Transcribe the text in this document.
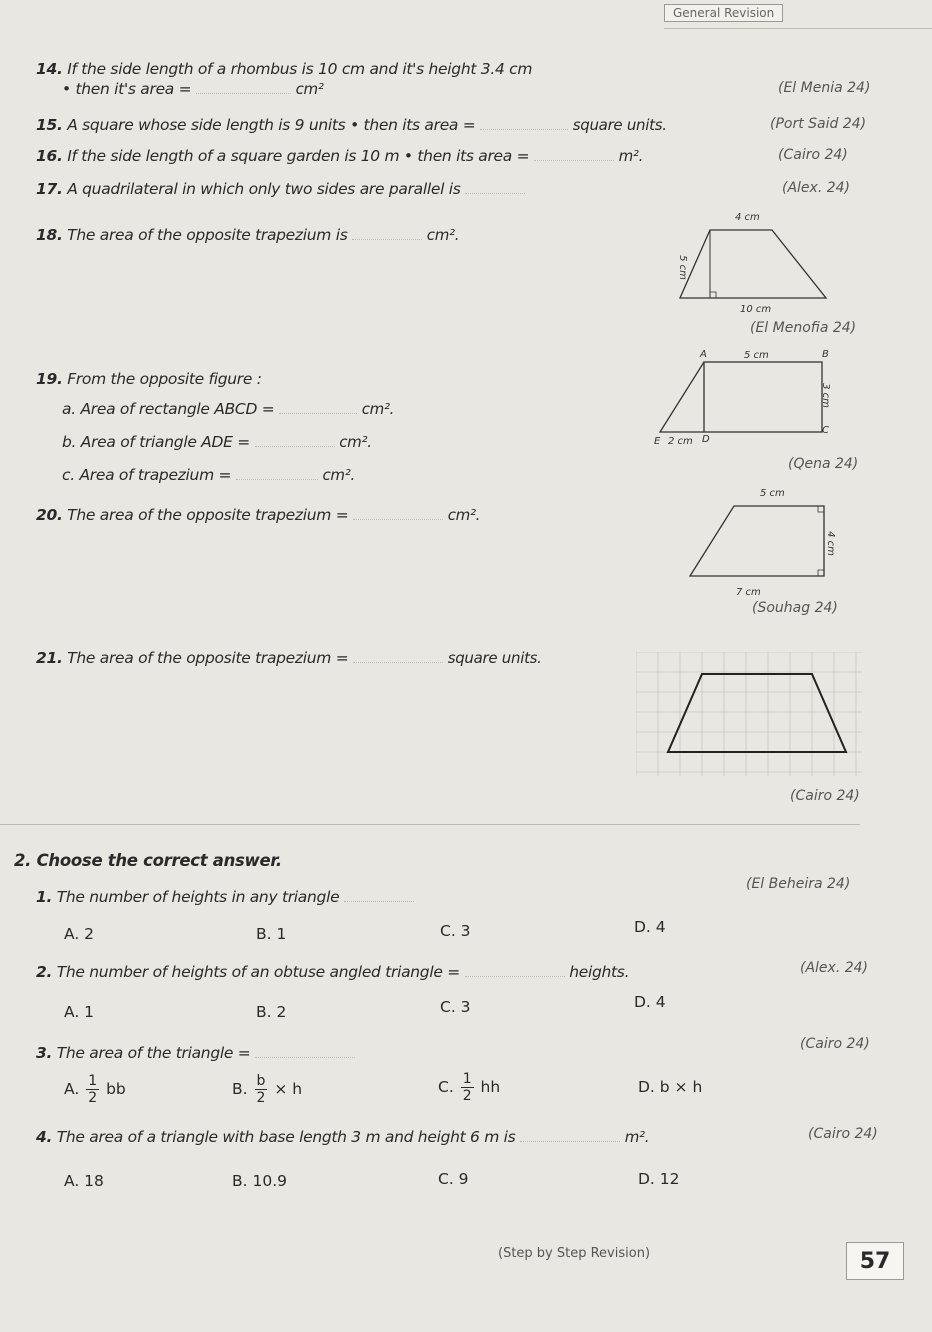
General Revision
14. If the side length of a rhombus is 10 cm and it's height 3.4 cm
• then it's area =	cm²	(El Menia 24)
15. A square whose side length is 9 units • then its area =	square units.	(Port Said 24)
16. If the side length of a square garden is 10 m • then its area =	m².	(Cairo 24)
17. A quadrilateral in which only two sides are parallel is	(Alex. 24)
18. The area of the opposite trapezium is	cm².
4 cm
5 cm
10 cm
(El Menofia 24)
19. From the opposite figure :
a. Area of rectangle ABCD =	cm².
b. Area of triangle ADE =	cm².
c. Area of trapezium =	cm².
A	5 cm	B
3 cm
C
E 2 cm D
(Qena 24)
20. The area of the opposite trapezium =	cm².
5 cm
4 cm
7 cm
(Souhag 24)
21. The area of the opposite trapezium =	square units.
(Cairo 24)
2. Choose the correct answer.
1. The number of heights in any triangle
(El Beheira 24)
A. 2	B. 1	C. 3	D. 4
2. The number of heights of an obtuse angled triangle =	heights.	(Alex. 24)
A. 1	B. 2	C. 3	D. 4
3. The area of the triangle =	(Cairo 24)
A. $\frac{1}{2}$ bb	B. $\frac{b}{2} \times h$	C. $\frac{1}{2}$ hh	D. b × h
4. The area of a triangle with base length 3 m and height 6 m is	m².	(Cairo 24)
A. 18	B. 10.9	C. 9	D. 12
(Step by Step Revision)	57
